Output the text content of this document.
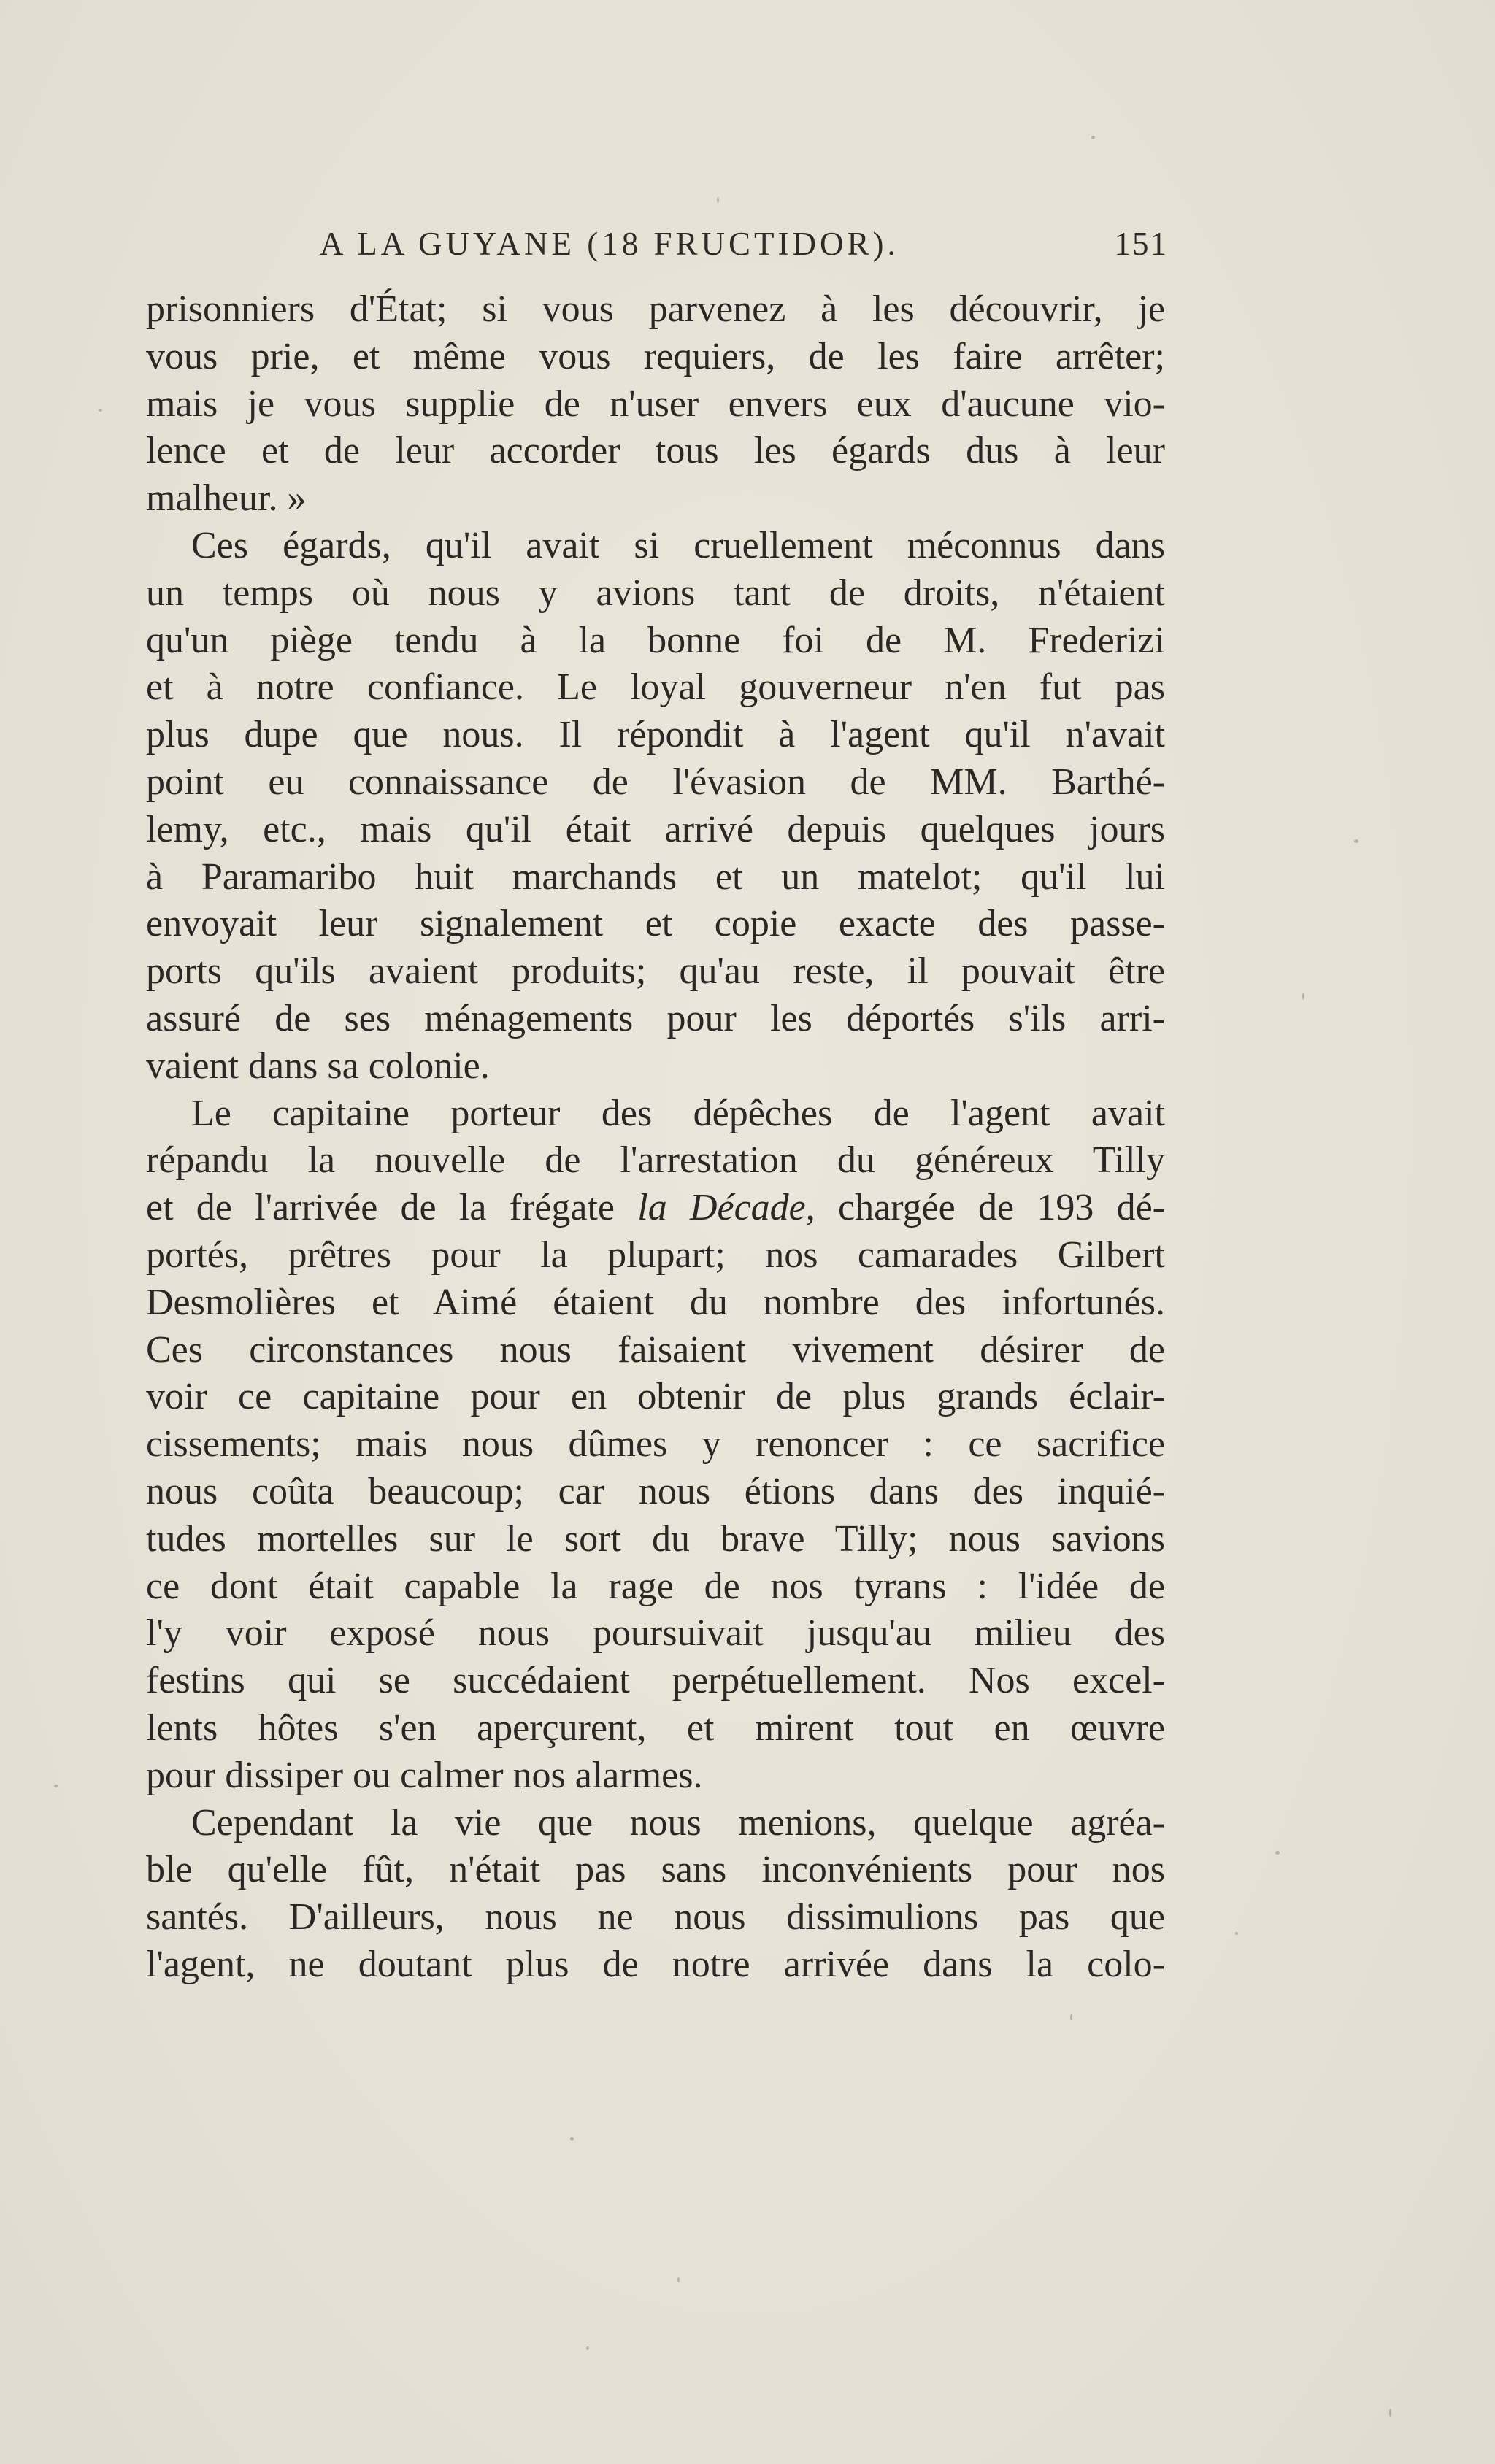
A LA GUYANE (18 FRUCTIDOR).	151
prisonniers d'État; si vous parvenez à les découvrir, je
vous prie, et même vous requiers, de les faire arrêter;
mais je vous supplie de n'user envers eux d'aucune vio-
lence et de leur accorder tous les égards dus à leur
malheur. »
Ces égards, qu'il avait si cruellement méconnus dans
un temps où nous y avions tant de droits, n'étaient
qu'un piège tendu à la bonne foi de M. Frederizi
et à notre confiance. Le loyal gouverneur n'en fut pas
plus dupe que nous. Il répondit à l'agent qu'il n'avait
point eu connaissance de l'évasion de MM. Barthé-
lemy, etc., mais qu'il était arrivé depuis quelques jours
à Paramaribo huit marchands et un matelot; qu'il lui
envoyait leur signalement et copie exacte des passe-
ports qu'ils avaient produits; qu'au reste, il pouvait être
assuré de ses ménagements pour les déportés s'ils arri-
vaient dans sa colonie.
Le capitaine porteur des dépêches de l'agent avait
répandu la nouvelle de l'arrestation du généreux Tilly
et de l'arrivée de la frégate la Décade, chargée de 193 dé-
portés, prêtres pour la plupart; nos camarades Gilbert
Desmolières et Aimé étaient du nombre des infortunés.
Ces circonstances nous faisaient vivement désirer de
voir ce capitaine pour en obtenir de plus grands éclair-
cissements; mais nous dûmes y renoncer : ce sacrifice
nous coûta beaucoup; car nous étions dans des inquié-
tudes mortelles sur le sort du brave Tilly; nous savions
ce dont était capable la rage de nos tyrans : l'idée de
l'y voir exposé nous poursuivait jusqu'au milieu des
festins qui se succédaient perpétuellement. Nos excel-
lents hôtes s'en aperçurent, et mirent tout en œuvre
pour dissiper ou calmer nos alarmes.
Cependant la vie que nous menions, quelque agréa-
ble qu'elle fût, n'était pas sans inconvénients pour nos
santés. D'ailleurs, nous ne nous dissimulions pas que
l'agent, ne doutant plus de notre arrivée dans la colo-
